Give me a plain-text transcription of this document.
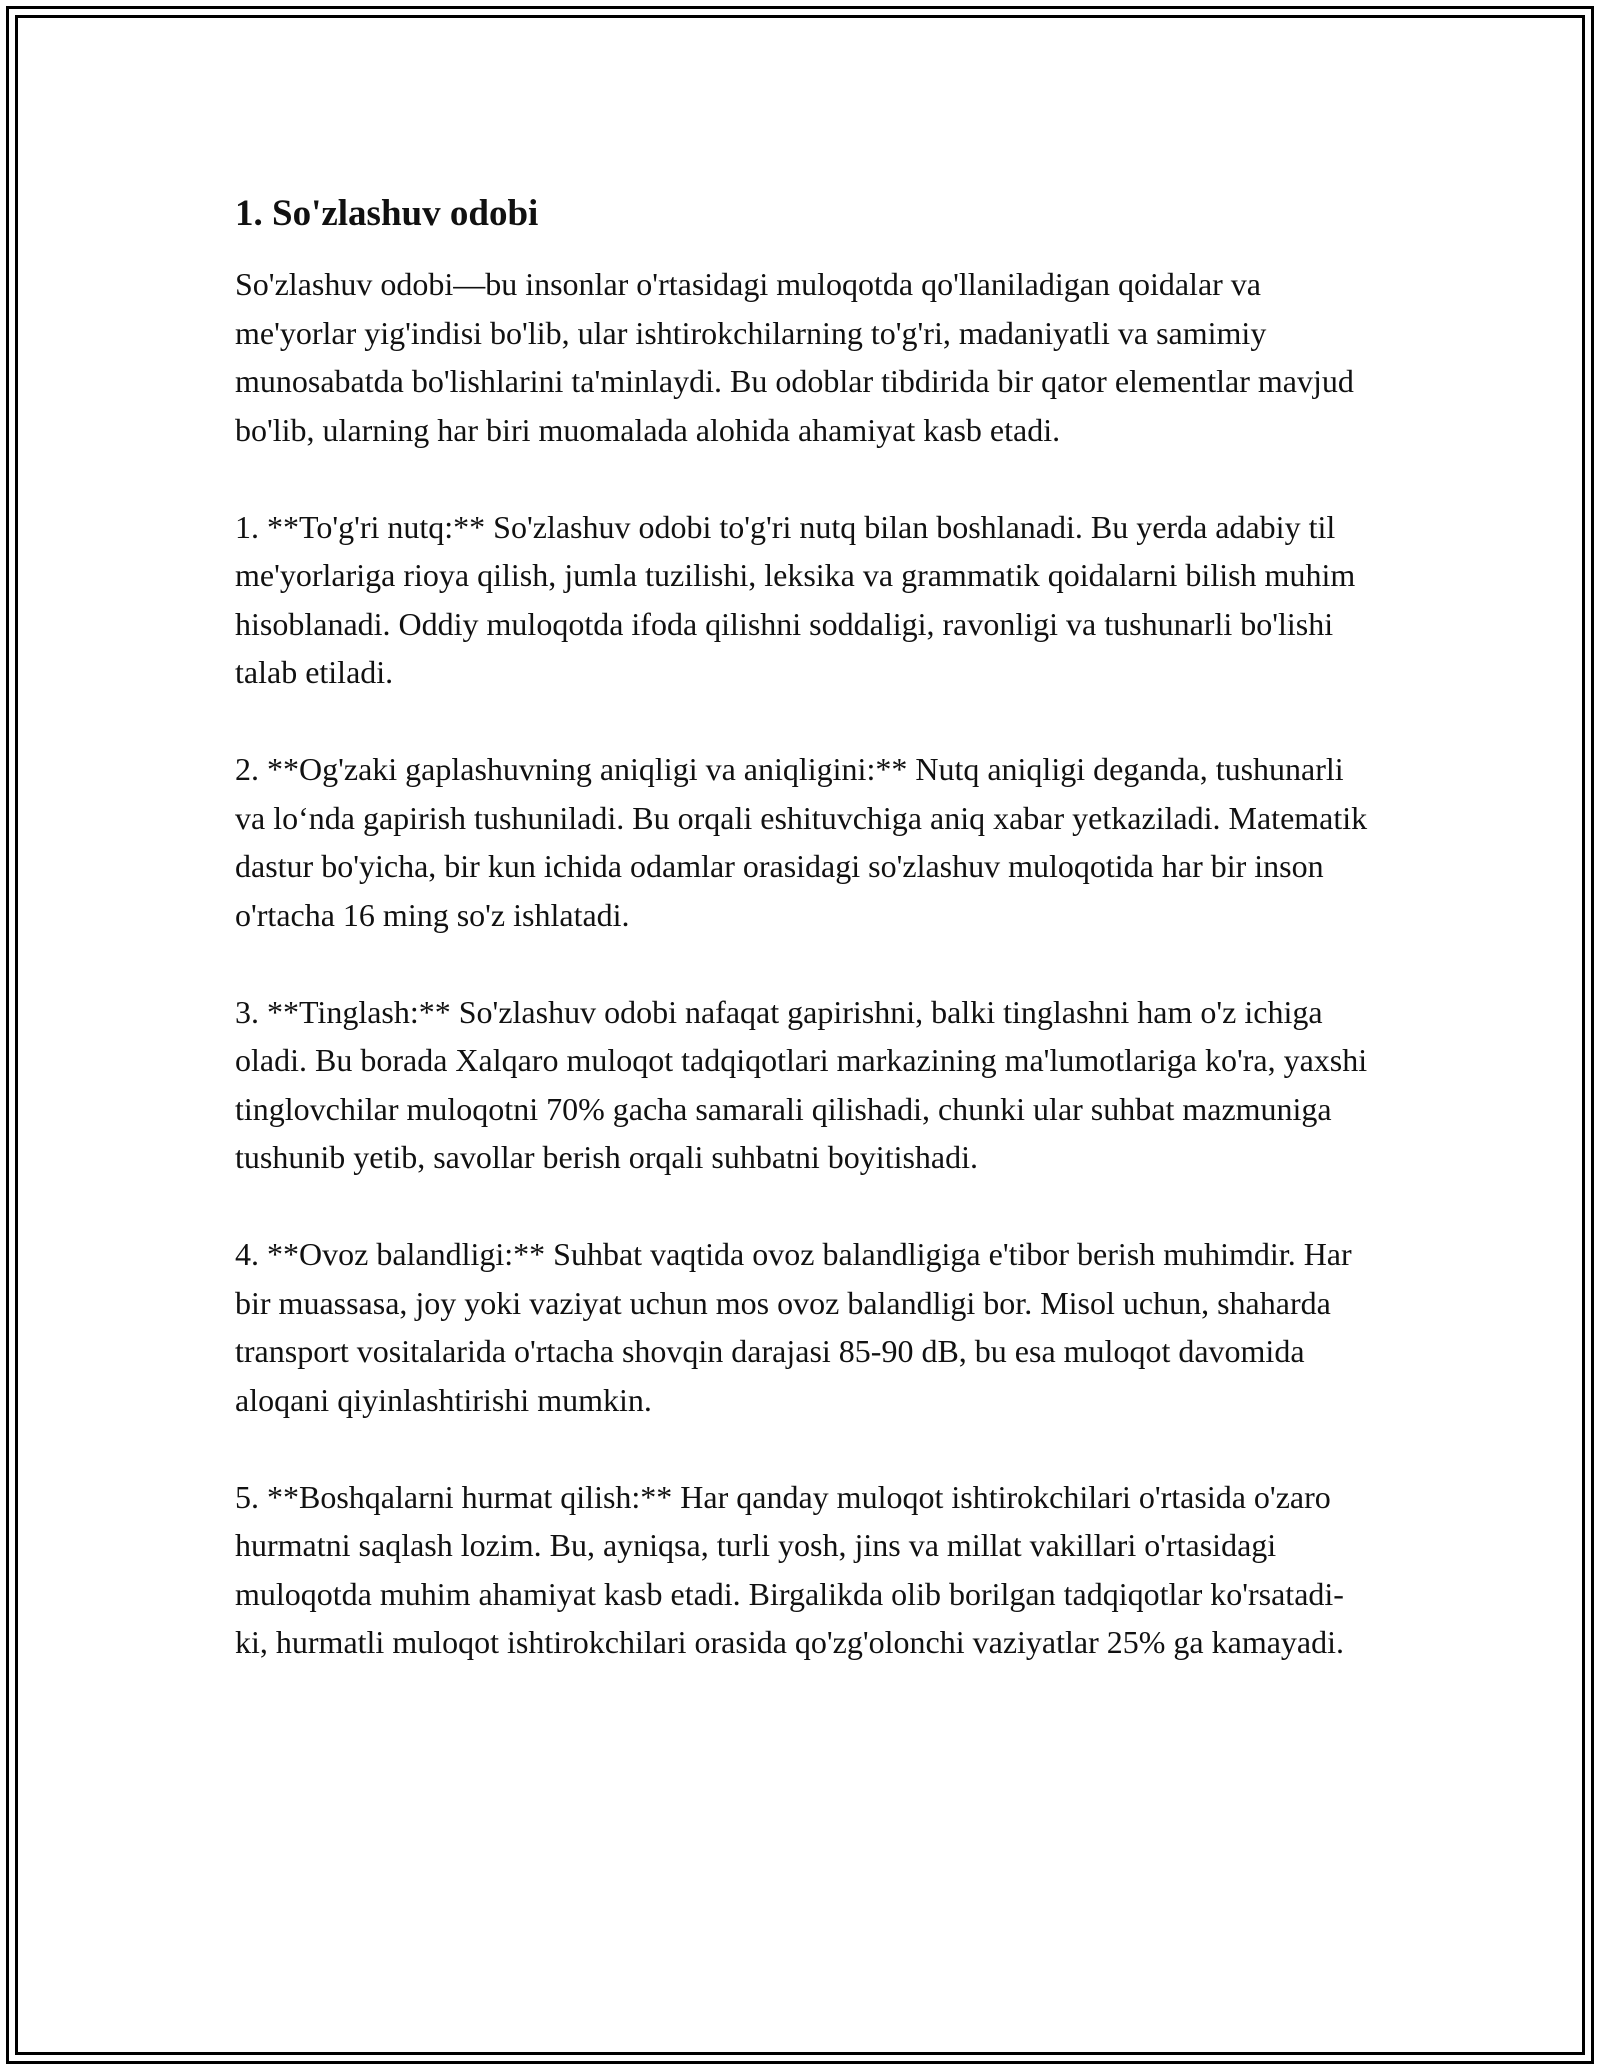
1. So'zlashuv odobi

So'zlashuv odobi—bu insonlar o'rtasidagi muloqotda qo'llaniladigan qoidalar va me'yorlar yig'indisi bo'lib, ular ishtirokchilarning to'g'ri, madaniyatli va samimiy munosabatda bo'lishlarini ta'minlaydi. Bu odoblar tibdirida bir qator elementlar mavjud bo'lib, ularning har biri muomalada alohida ahamiyat kasb etadi.

1. **To'g'ri nutq:** So'zlashuv odobi to'g'ri nutq bilan boshlanadi. Bu yerda adabiy til me'yorlariga rioya qilish, jumla tuzilishi, leksika va grammatik qoidalarni bilish muhim hisoblanadi. Oddiy muloqotda ifoda qilishni soddaligi, ravonligi va tushunarli bo'lishi talab etiladi.

2. **Og'zaki gaplashuvning aniqligi va aniqligini:** Nutq aniqligi deganda, tushunarli va lo‘nda gapirish tushuniladi. Bu orqali eshituvchiga aniq xabar yetkaziladi. Matematik dastur bo'yicha, bir kun ichida odamlar orasidagi so'zlashuv muloqotida har bir inson o'rtacha 16 ming so'z ishlatadi.

3. **Tinglash:** So'zlashuv odobi nafaqat gapirishni, balki tinglashni ham o'z ichiga oladi. Bu borada Xalqaro muloqot tadqiqotlari markazining ma'lumotlariga ko'ra, yaxshi tinglovchilar muloqotni 70% gacha samarali qilishadi, chunki ular suhbat mazmuniga tushunib yetib, savollar berish orqali suhbatni boyitishadi.

4. **Ovoz balandligi:** Suhbat vaqtida ovoz balandligiga e'tibor berish muhimdir. Har bir muassasa, joy yoki vaziyat uchun mos ovoz balandligi bor. Misol uchun, shaharda transport vositalarida o'rtacha shovqin darajasi 85-90 dB, bu esa muloqot davomida aloqani qiyinlashtirishi mumkin.

5. **Boshqalarni hurmat qilish:** Har qanday muloqot ishtirokchilari o'rtasida o'zaro hurmatni saqlash lozim. Bu, ayniqsa, turli yosh, jins va millat vakillari o'rtasidagi muloqotda muhim ahamiyat kasb etadi. Birgalikda olib borilgan tadqiqotlar ko'rsatadi-ki, hurmatli muloqot ishtirokchilari orasida qo'zg'olonchi vaziyatlar 25% ga kamayadi.
